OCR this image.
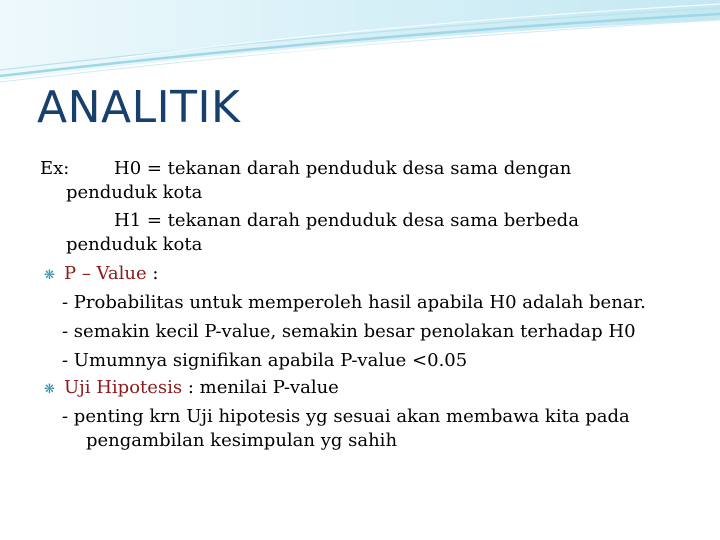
ANALITIK
Ex: H0 = tekanan darah penduduk desa sama dengan
penduduk kota
H1 = tekanan darah penduduk desa sama berbeda
penduduk kota
❋ P – Value :
- Probabilitas untuk memperoleh hasil apabila H0 adalah benar.
- semakin kecil P-value, semakin besar penolakan terhadap H0
- Umumnya signifikan apabila P-value <0.05
❋ Uji Hipotesis : menilai P-value
- penting krn Uji hipotesis yg sesuai akan membawa kita pada
pengambilan kesimpulan yg sahih
